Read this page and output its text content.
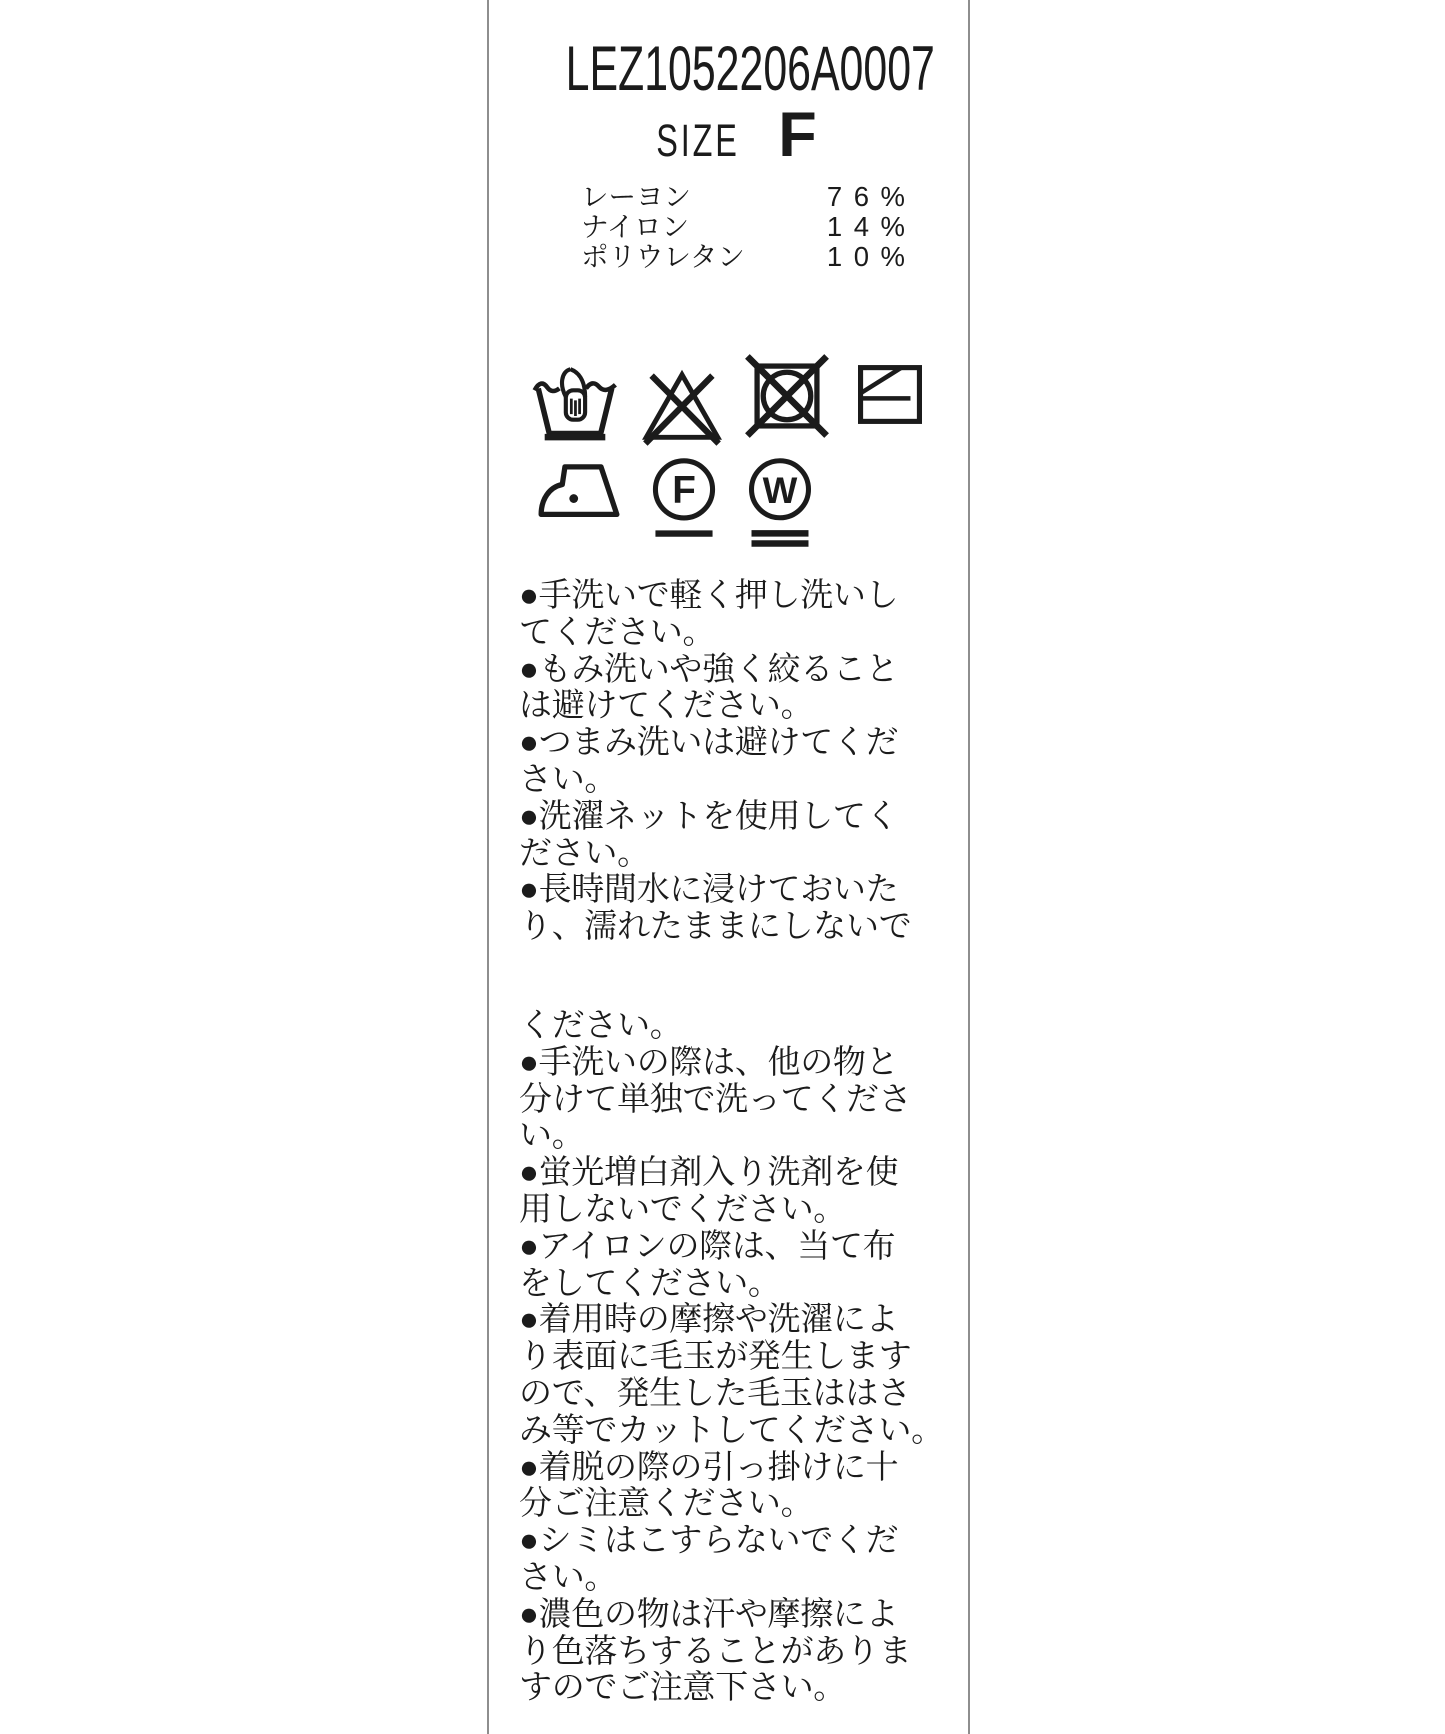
LEZ1052206A0007
SIZE F
レーヨン	76%
ナイロン	14%
ポリウレタン	10%
F W
●手洗いで軽く押し洗いし
てください。
●もみ洗いや強く絞ること
は避けてください。
●つまみ洗いは避けてくだ
さい。
●洗濯ネットを使用してく
ださい。
●長時間水に浸けておいた
り、濡れたままにしないで
ください。
●手洗いの際は、他の物と
分けて単独で洗ってくださ
い。
●蛍光増白剤入り洗剤を使
用しないでください。
●アイロンの際は、当て布
をしてください。
●着用時の摩擦や洗濯によ
り表面に毛玉が発生します
ので、発生した毛玉ははさ
み等でカットしてください。
●着脱の際の引っ掛けに十
分ご注意ください。
●シミはこすらないでくだ
さい。
●濃色の物は汗や摩擦によ
り色落ちすることがありま
すのでご注意下さい。
